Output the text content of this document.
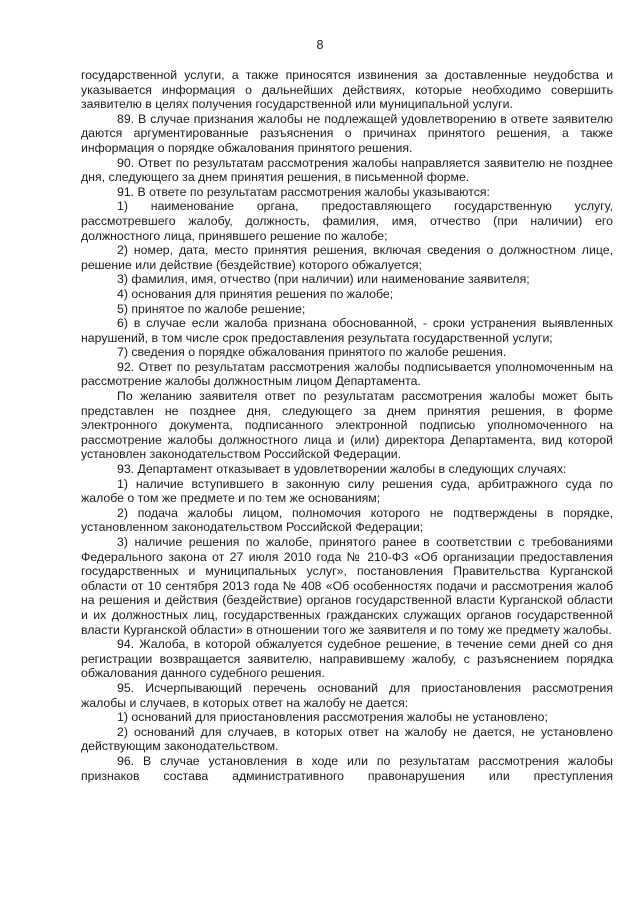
8

государственной услуги, а также приносятся извинения за доставленные неудобства и указывается информация о дальнейших действиях, которые необходимо совершить заявителю в целях получения государственной или муниципальной услуги.

89. В случае признания жалобы не подлежащей удовлетворению в ответе заявителю даются аргументированные разъяснения о причинах принятого решения, а также информация о порядке обжалования принятого решения.

90. Ответ по результатам рассмотрения жалобы направляется заявителю не позднее дня, следующего за днем принятия решения, в письменной форме.

91. В ответе по результатам рассмотрения жалобы указываются:

1) наименование органа, предоставляющего государственную услугу, рассмотревшего жалобу, должность, фамилия, имя, отчество (при наличии) его должностного лица, принявшего решение по жалобе;

2) номер, дата, место принятия решения, включая сведения о должностном лице, решение или действие (бездействие) которого обжалуется;

3) фамилия, имя, отчество (при наличии) или наименование заявителя;

4) основания для принятия решения по жалобе;

5) принятое по жалобе решение;

6) в случае если жалоба признана обоснованной, - сроки устранения выявленных нарушений, в том числе срок предоставления результата государственной услуги;

7) сведения о порядке обжалования принятого по жалобе решения.

92. Ответ по результатам рассмотрения жалобы подписывается уполномоченным на рассмотрение жалобы должностным лицом Департамента.

По желанию заявителя ответ по результатам рассмотрения жалобы может быть представлен не позднее дня, следующего за днем принятия решения, в форме электронного документа, подписанного электронной подписью уполномоченного на рассмотрение жалобы должностного лица и (или) директора Департамента, вид которой установлен законодательством Российской Федерации.

93. Департамент отказывает в удовлетворении жалобы в следующих случаях:

1) наличие вступившего в законную силу решения суда, арбитражного суда по жалобе о том же предмете и по тем же основаниям;

2) подача жалобы лицом, полномочия которого не подтверждены в порядке, установленном законодательством Российской Федерации;

3) наличие решения по жалобе, принятого ранее в соответствии с требованиями Федерального закона от 27 июля 2010 года № 210-ФЗ «Об организации предоставления государственных и муниципальных услуг», постановления Правительства Курганской области от 10 сентября 2013 года № 408 «Об особенностях подачи и рассмотрения жалоб на решения и действия (бездействие) органов государственной власти Курганской области и их должностных лиц, государственных гражданских служащих органов государственной власти Курганской области» в отношении того же заявителя и по тому же предмету жалобы.

94. Жалоба, в которой обжалуется судебное решение, в течение семи дней со дня регистрации возвращается заявителю, направившему жалобу, с разъяснением порядка обжалования данного судебного решения.

95. Исчерпывающий перечень оснований для приостановления рассмотрения жалобы и случаев, в которых ответ на жалобу не дается:

1) оснований для приостановления рассмотрения жалобы не установлено;

2) оснований для случаев, в которых ответ на жалобу не дается, не установлено действующим законодательством.

96. В случае установления в ходе или по результатам рассмотрения жалобы признаков состава административного правонарушения или преступления
